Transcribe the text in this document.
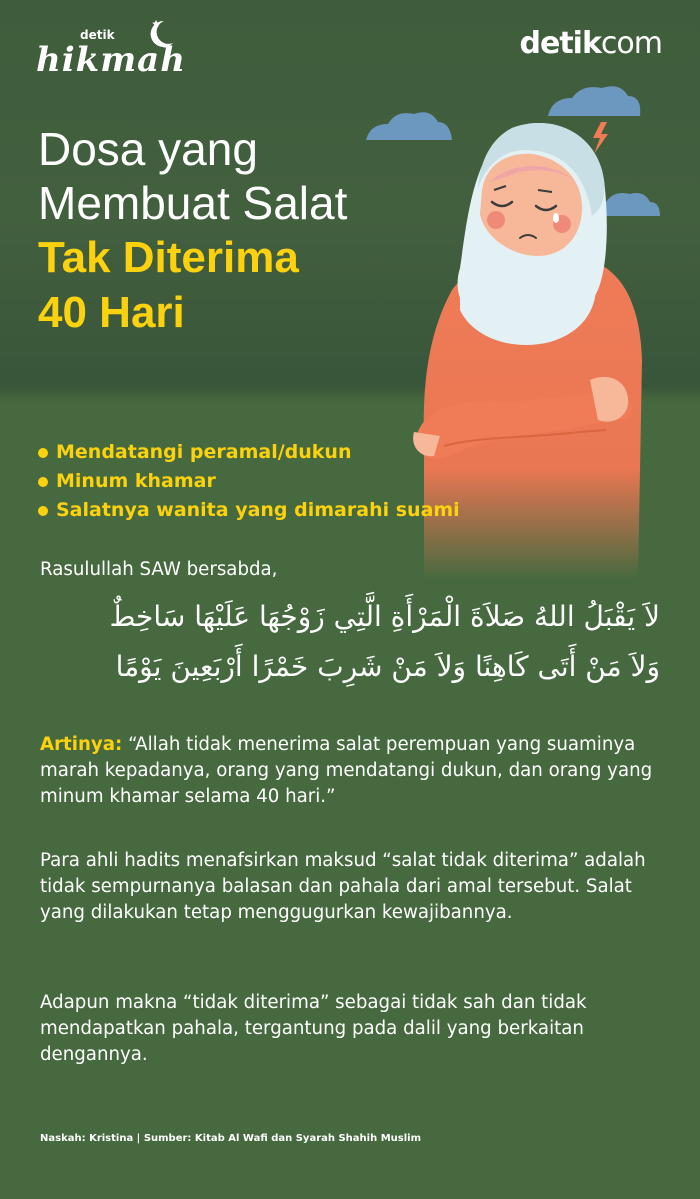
detik
hikmah	detikcom
Dosa yang
Membuat Salat
Tak Diterima
40 Hari
Mendatangi peramal/dukun
Minum khamar
Salatnya wanita yang dimarahi suami

Rasulullah SAW bersabda,

لاَ يَقْبَلُ اللهُ صَلاَةَ الْمَرْأَةِ الَّتِي زَوْجُهَا عَلَيْهَا سَاخِطٌ
وَلاَ مَنْ أَتَى كَاهِنًا وَلاَ مَنْ شَرِبَ خَمْرًا أَرْبَعِينَ يَوْمًا

Artinya: “Allah tidak menerima salat perempuan yang suaminya marah kepadanya, orang yang mendatangi dukun, dan orang yang minum khamar selama 40 hari.”

Para ahli hadits menafsirkan maksud “salat tidak diterima” adalah tidak sempurnanya balasan dan pahala dari amal tersebut. Salat yang dilakukan tetap menggugurkan kewajibannya.

Adapun makna “tidak diterima” sebagai tidak sah dan tidak mendapatkan pahala, tergantung pada dalil yang berkaitan dengannya.

Naskah: Kristina | Sumber: Kitab Al Wafi dan Syarah Shahih Muslim
